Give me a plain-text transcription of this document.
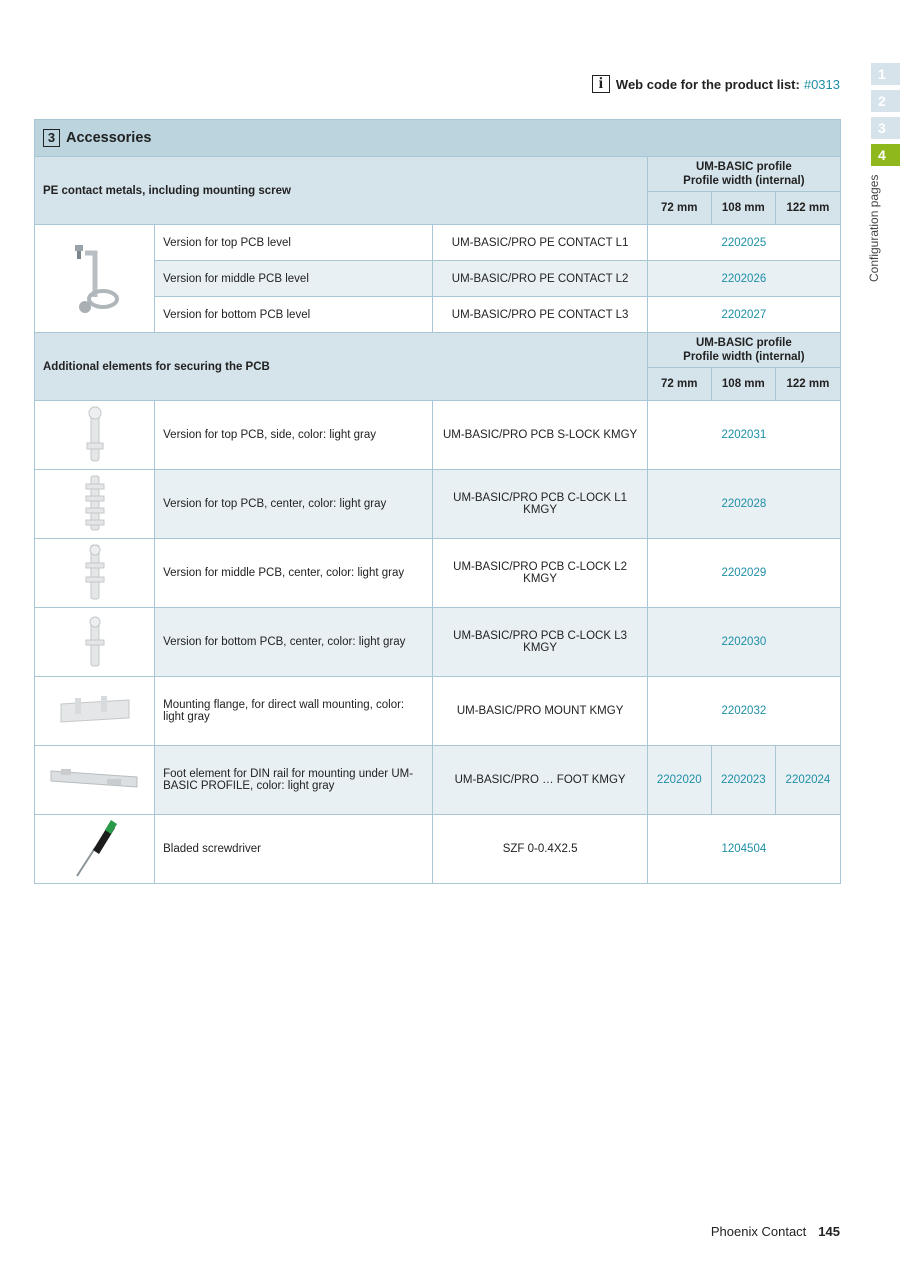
1
2
3
4
Configuration pages
i Web code for the product list: #0313
3 Accessories					
PE contact metals, including mounting screw			UM-BASIC profile
Profile width (internal)		

			72 mm	108 mm	122 mm
	Version for top PCB level	UM-BASIC/PRO PE CONTACT L1	2202025		
	Version for middle PCB level	UM-BASIC/PRO PE CONTACT L2	2202026		
	Version for bottom PCB level	UM-BASIC/PRO PE CONTACT L3	2202027		
Additional elements for securing the PCB			UM-BASIC profile
Profile width (internal)		

			72 mm	108 mm	122 mm
	Version for top PCB, side, color: light gray	UM-BASIC/PRO PCB S-LOCK KMGY	2202031		
	Version for top PCB, center, color: light gray	UM-BASIC/PRO PCB C-LOCK L1 KMGY	2202028		
	Version for middle PCB, center, color: light gray	UM-BASIC/PRO PCB C-LOCK L2 KMGY	2202029		
	Version for bottom PCB, center, color: light gray	UM-BASIC/PRO PCB C-LOCK L3 KMGY	2202030		
	Mounting flange, for direct wall mounting, color: light gray	UM-BASIC/PRO MOUNT KMGY	2202032		
	Foot element for DIN rail for mounting under UM-BASIC PROFILE, color: light gray	UM-BASIC/PRO … FOOT KMGY	2202020	2202023	2202024
	Bladed screwdriver	SZF 0-0.4X2.5	1204504		
Phoenix Contact 145
